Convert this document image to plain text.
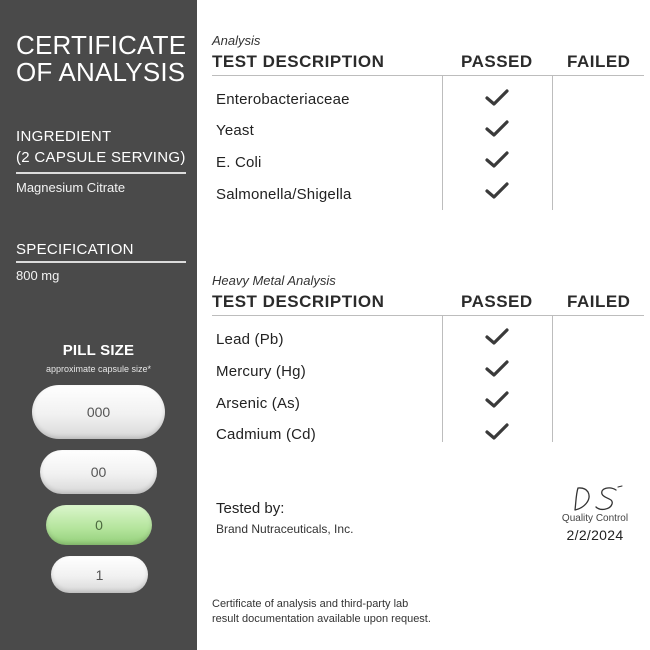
CERTIFICATE
OF ANALYSIS
INGREDIENT
(2 CAPSULE SERVING)
Magnesium Citrate
SPECIFICATION
800 mg
PILL SIZE
approximate capsule size*
000
00
0
1
Analysis
TEST DESCRIPTION	PASSED FAILED
Enterobacteriaceae
Yeast
E. Coli
Salmonella/Shigella
Heavy Metal Analysis
TEST DESCRIPTION	PASSED FAILED
Lead (Pb)
Mercury (Hg)
Arsenic (As)
Cadmium (Cd)
Tested by:
Brand Nutraceuticals, Inc.
Quality Control
2/2/2024
Certificate of analysis and third-party lab
result documentation available upon request.
